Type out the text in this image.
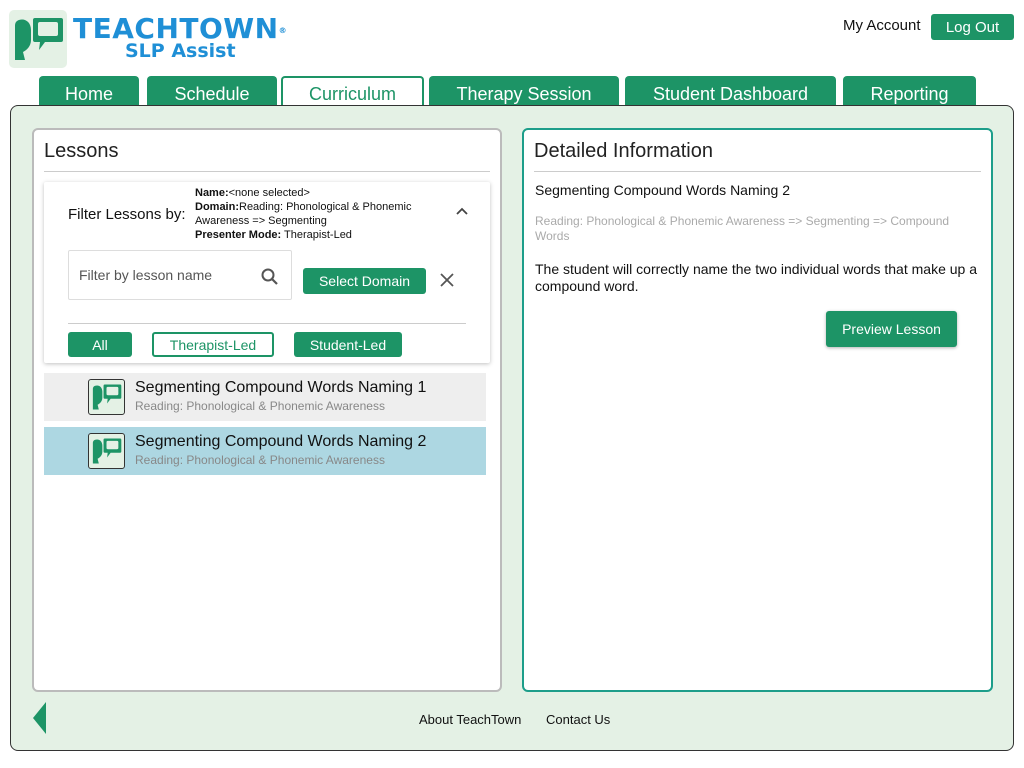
TEACHTOWN®
SLP Assist
My Account	Log Out
Home	Schedule	Curriculum	Therapy Session	Student Dashboard	Reporting
Lessons
Filter Lessons by:
Name:<none selected>
Domain:Reading: Phonological & Phonemic Awareness => Segmenting
Presenter Mode: Therapist-Led
Filter by lesson name
Select Domain
All	Therapist-Led	Student-Led
Segmenting Compound Words Naming 1
Reading: Phonological & Phonemic Awareness
Segmenting Compound Words Naming 2
Reading: Phonological & Phonemic Awareness
Detailed Information
Segmenting Compound Words Naming 2
Reading: Phonological & Phonemic Awareness => Segmenting => Compound Words
The student will correctly name the two individual words that make up a compound word.
Preview Lesson
About TeachTown Contact Us
